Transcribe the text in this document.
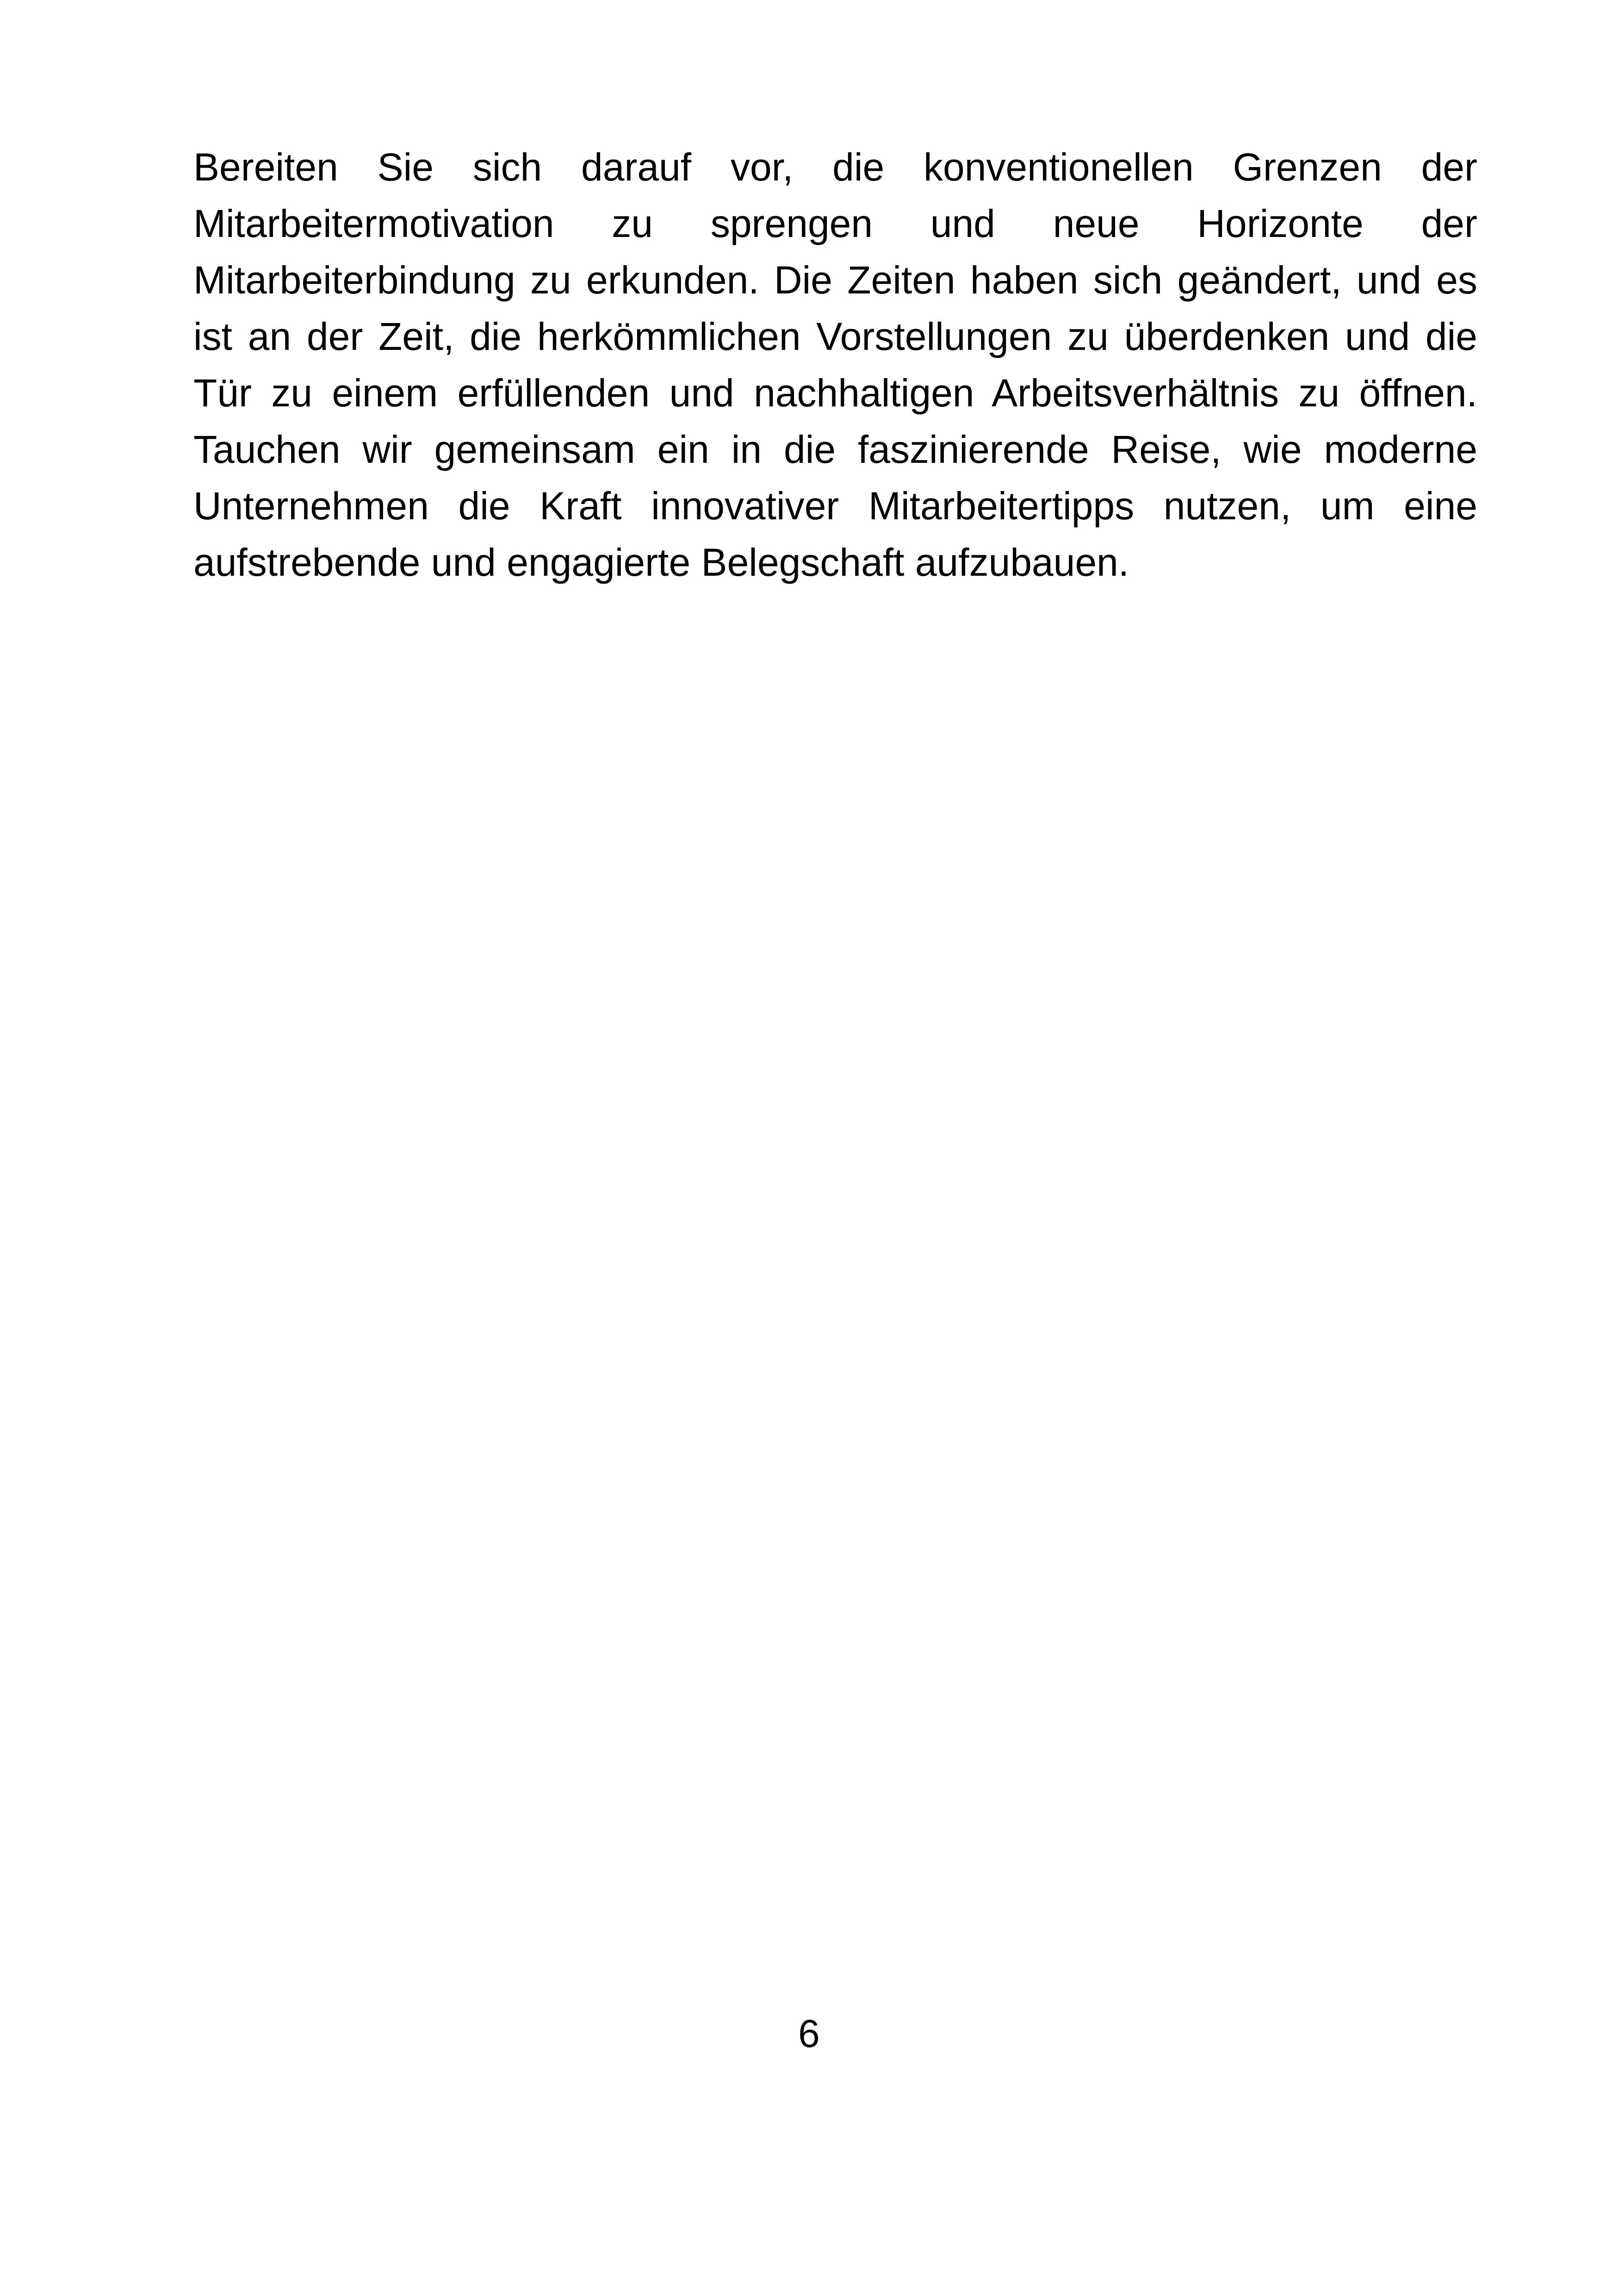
Bereiten Sie sich darauf vor, die konventionellen Grenzen der Mitarbeitermotivation zu sprengen und neue Horizonte der Mitarbeiterbindung zu erkunden. Die Zeiten haben sich geändert, und es ist an der Zeit, die herkömmlichen Vorstellungen zu überdenken und die Tür zu einem erfüllenden und nachhaltigen Arbeitsverhältnis zu öffnen. Tauchen wir gemeinsam ein in die faszinierende Reise, wie moderne Unternehmen die Kraft innovativer Mitarbeitertipps nutzen, um eine aufstrebende und engagierte Belegschaft aufzubauen.

6
